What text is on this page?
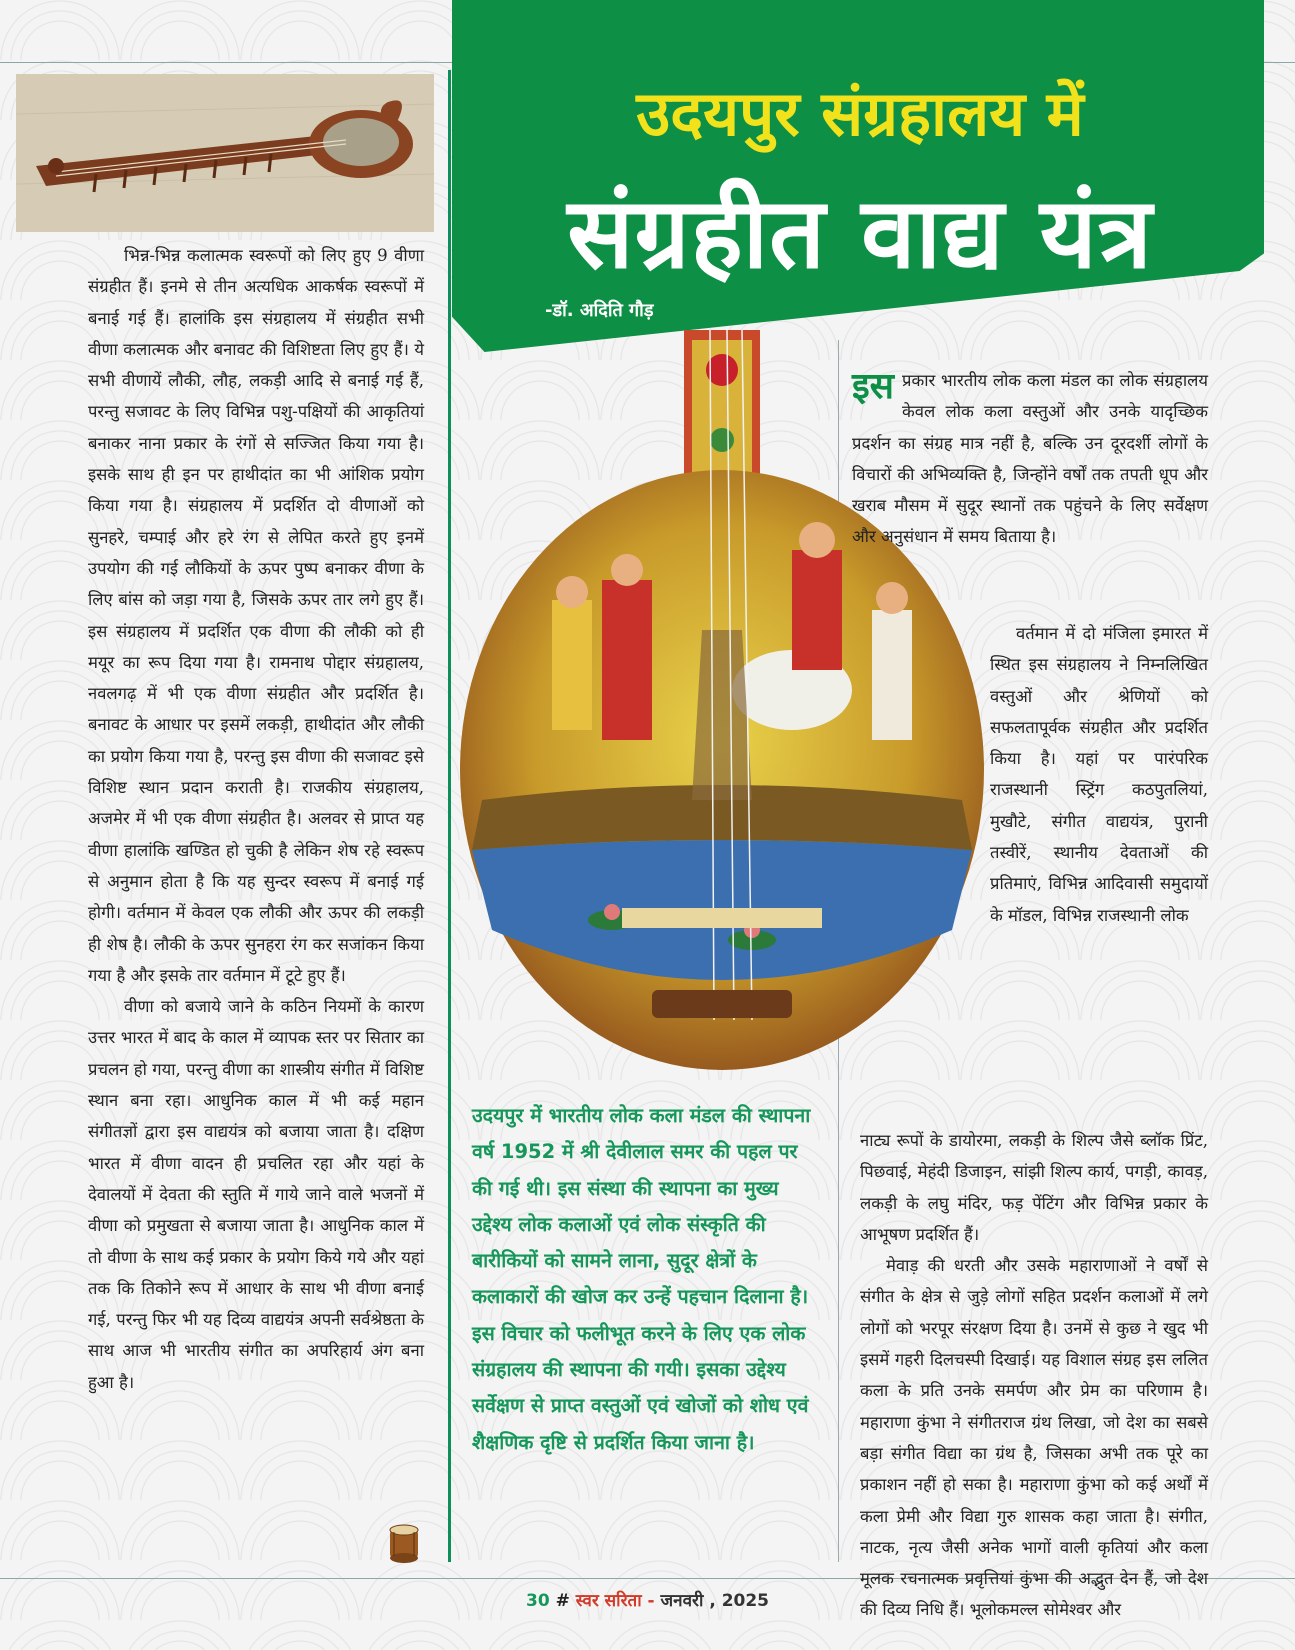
उदयपुर संग्रहालय में
संग्रहीत वाद्य यंत्र
-डॉ. अदिति गौड़

भिन्न-भिन्न कलात्मक स्वरूपों को लिए हुए 9 वीणा संग्रहीत हैं। इनमे से तीन अत्यधिक आकर्षक स्वरूपों में बनाई गई हैं। हालांकि इस संग्रहालय में संग्रहीत सभी वीणा कलात्मक और बनावट की विशिष्टता लिए हुए हैं। ये सभी वीणायें लौकी, लौह, लकड़ी आदि से बनाई गई हैं, परन्तु सजावट के लिए विभिन्न पशु-पक्षियों की आकृतियां बनाकर नाना प्रकार के रंगों से सज्जित किया गया है। इसके साथ ही इन पर हाथीदांत का भी आंशिक प्रयोग किया गया है। संग्रहालय में प्रदर्शित दो वीणाओं को सुनहरे, चम्पाई और हरे रंग से लेपित करते हुए इनमें उपयोग की गई लौकियों के ऊपर पुष्प बनाकर वीणा के लिए बांस को जड़ा गया है, जिसके ऊपर तार लगे हुए हैं। इस संग्रहालय में प्रदर्शित एक वीणा की लौकी को ही मयूर का रूप दिया गया है। रामनाथ पोद्दार संग्रहालय, नवलगढ़ में भी एक वीणा संग्रहीत और प्रदर्शित है। बनावट के आधार पर इसमें लकड़ी, हाथीदांत और लौकी का प्रयोग किया गया है, परन्तु इस वीणा की सजावट इसे विशिष्ट स्थान प्रदान कराती है। राजकीय संग्रहालय, अजमेर में भी एक वीणा संग्रहीत है। अलवर से प्राप्त यह वीणा हालांकि खण्डित हो चुकी है लेकिन शेष रहे स्वरूप से अनुमान होता है कि यह सुन्दर स्वरूप में बनाई गई होगी। वर्तमान में केवल एक लौकी और ऊपर की लकड़ी ही शेष है। लौकी के ऊपर सुनहरा रंग कर सजांकन किया गया है और इसके तार वर्तमान में टूटे हुए हैं।

वीणा को बजाये जाने के कठिन नियमों के कारण उत्तर भारत में बाद के काल में व्यापक स्तर पर सितार का प्रचलन हो गया, परन्तु वीणा का शास्त्रीय संगीत में विशिष्ट स्थान बना रहा। आधुनिक काल में भी कई महान संगीतज्ञों द्वारा इस वाद्ययंत्र को बजाया जाता है। दक्षिण भारत में वीणा वादन ही प्रचलित रहा और यहां के देवालयों में देवता की स्तुति में गाये जाने वाले भजनों में वीणा को प्रमुखता से बजाया जाता है। आधुनिक काल में तो वीणा के साथ कई प्रकार के प्रयोग किये गये और यहां तक कि तिकोने रूप में आधार के साथ भी वीणा बनाई गई, परन्तु फिर भी यह दिव्य वाद्ययंत्र अपनी सर्वश्रेष्ठता के साथ आज भी भारतीय संगीत का अपरिहार्य अंग बना हुआ है।

उदयपुर में भारतीय लोक कला मंडल की स्थापना वर्ष 1952 में श्री देवीलाल समर की पहल पर की गई थी। इस संस्था की स्थापना का मुख्य उद्देश्य लोक कलाओं एवं लोक संस्कृति की बारीकियों को सामने लाना, सुदूर क्षेत्रों के कलाकारों की खोज कर उन्हें पहचान दिलाना है। इस विचार को फलीभूत करने के लिए एक लोक संग्रहालय की स्थापना की गयी। इसका उद्देश्य सर्वेक्षण से प्राप्त वस्तुओं एवं खोजों को शोध एवं शैक्षणिक दृष्टि से प्रदर्शित किया जाना है।

इस प्रकार भारतीय लोक कला मंडल का लोक संग्रहालय केवल लोक कला वस्तुओं और उनके यादृच्छिक प्रदर्शन का संग्रह मात्र नहीं है, बल्कि उन दूरदर्शी लोगों के विचारों की अभिव्यक्ति है, जिन्होंने वर्षों तक तपती धूप और खराब मौसम में सुदूर स्थानों तक पहुंचने के लिए सर्वेक्षण और अनुसंधान में समय बिताया है।
वर्तमान में दो मंजिला इमारत में स्थित इस संग्रहालय ने निम्नलिखित वस्तुओं और श्रेणियों को सफलतापूर्वक संग्रहीत और प्रदर्शित किया है। यहां पर पारंपरिक राजस्थानी स्ट्रिंग कठपुतलियां, मुखौटे, संगीत वाद्ययंत्र, पुरानी तस्वीरें, स्थानीय देवताओं की प्रतिमाएं, विभिन्न आदिवासी समुदायों के मॉडल, विभिन्न राजस्थानी लोक

नाट्य रूपों के डायोरमा, लकड़ी के शिल्प जैसे ब्लॉक प्रिंट, पिछवाई, मेहंदी डिजाइन, सांझी शिल्प कार्य, पगड़ी, कावड़, लकड़ी के लघु मंदिर, फड़ पेंटिंग और विभिन्न प्रकार के आभूषण प्रदर्शित हैं।

मेवाड़ की धरती और उसके महाराणाओं ने वर्षों से संगीत के क्षेत्र से जुड़े लोगों सहित प्रदर्शन कलाओं में लगे लोगों को भरपूर संरक्षण दिया है। उनमें से कुछ ने खुद भी इसमें गहरी दिलचस्पी दिखाई। यह विशाल संग्रह इस ललित कला के प्रति उनके समर्पण और प्रेम का परिणाम है। महाराणा कुंभा ने संगीतराज ग्रंथ लिखा, जो देश का सबसे बड़ा संगीत विद्या का ग्रंथ है, जिसका अभी तक पूरे का प्रकाशन नहीं हो सका है। महाराणा कुंभा को कई अर्थों में कला प्रेमी और विद्या गुरु शासक कहा जाता है। संगीत, नाटक, नृत्य जैसी अनेक भागों वाली कृतियां और कला मूलक रचनात्मक प्रवृत्तियां कुंभा की अद्भुत देन हैं, जो देश की दिव्य निधि हैं। भूलोकमल्ल सोमेश्वर और

30 # स्वर सरिता - जनवरी , 2025
